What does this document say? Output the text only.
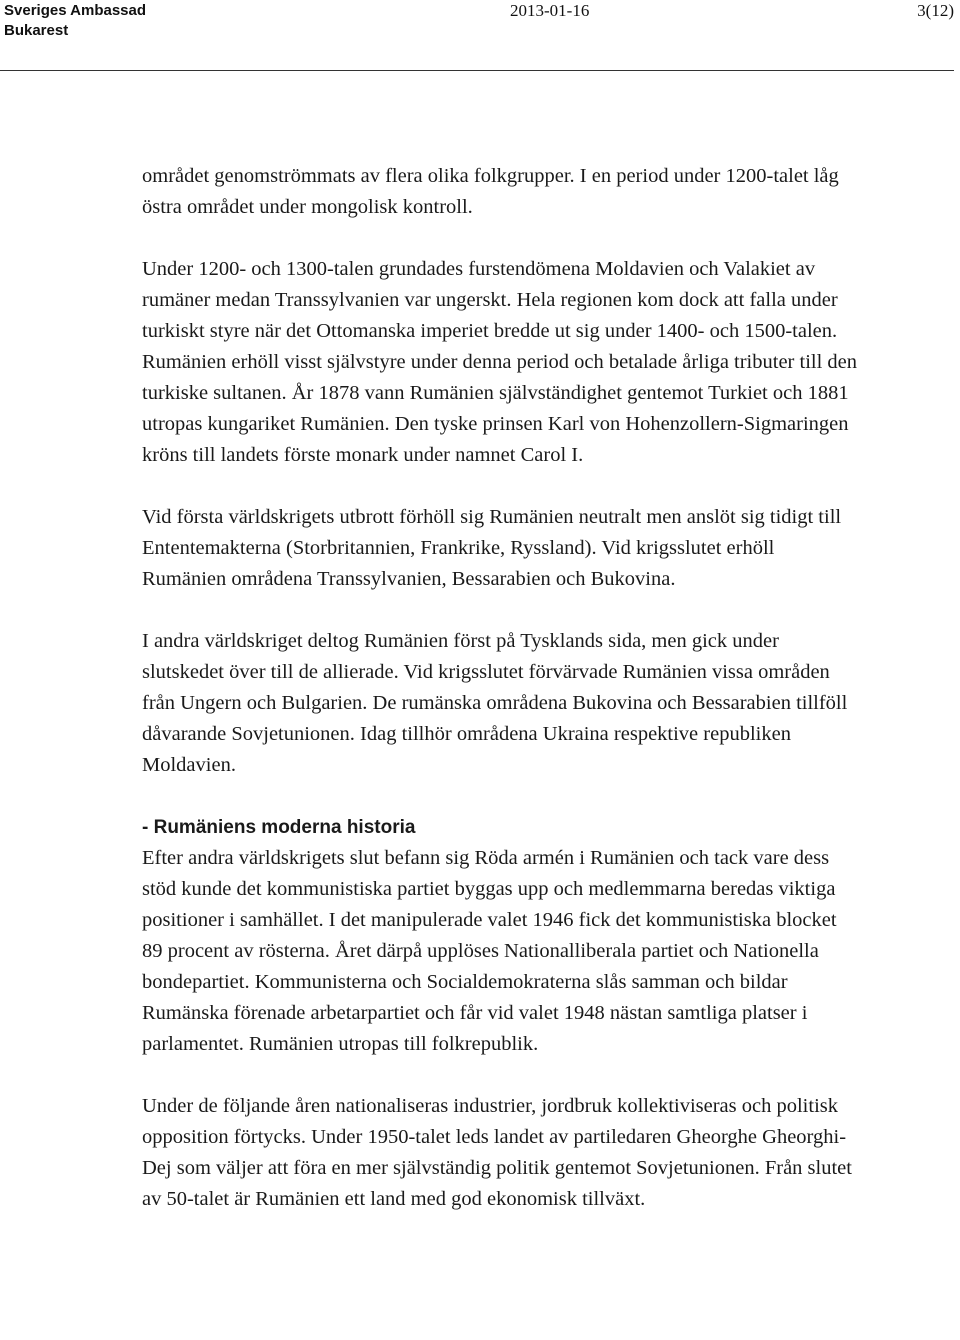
Sveriges Ambassad
Bukarest
2013-01-16	3(12)

området genomströmmats av flera olika folkgrupper. I en period under 1200-talet låg östra området under mongolisk kontroll.

Under 1200- och 1300-talen grundades furstendömena Moldavien och Valakiet av rumäner medan Transsylvanien var ungerskt. Hela regionen kom dock att falla under turkiskt styre när det Ottomanska imperiet bredde ut sig under 1400- och 1500-talen. Rumänien erhöll visst självstyre under denna period och betalade årliga tributer till den turkiske sultanen. År 1878 vann Rumänien självständighet gentemot Turkiet och 1881 utropas kungariket Rumänien. Den tyske prinsen Karl von Hohenzollern-Sigmaringen kröns till landets förste monark under namnet Carol I.

Vid första världskrigets utbrott förhöll sig Rumänien neutralt men anslöt sig tidigt till Ententemakterna (Storbritannien, Frankrike, Ryssland). Vid krigsslutet erhöll Rumänien områdena Transsylvanien, Bessarabien och Bukovina.

I andra världskriget deltog Rumänien först på Tysklands sida, men gick under slutskedet över till de allierade. Vid krigsslutet förvärvade Rumänien vissa områden från Ungern och Bulgarien. De rumänska områdena Bukovina och Bessarabien tillföll dåvarande Sovjetunionen. Idag tillhör områdena Ukraina respektive republiken Moldavien.

- Rumäniens moderna historia

Efter andra världskrigets slut befann sig Röda armén i Rumänien och tack vare dess stöd kunde det kommunistiska partiet byggas upp och medlemmarna beredas viktiga positioner i samhället. I det manipulerade valet 1946 fick det kommunistiska blocket 89 procent av rösterna. Året därpå upplöses Nationalliberala partiet och Nationella bondepartiet. Kommunisterna och Socialdemokraterna slås samman och bildar Rumänska förenade arbetarpartiet och får vid valet 1948 nästan samtliga platser i parlamentet. Rumänien utropas till folkrepublik.

Under de följande åren nationaliseras industrier, jordbruk kollektiviseras och politisk opposition förtycks. Under 1950-talet leds landet av partiledaren Gheorghe Gheorghi-Dej som väljer att föra en mer självständig politik gentemot Sovjetunionen. Från slutet av 50-talet är Rumänien ett land med god ekonomisk tillväxt.
